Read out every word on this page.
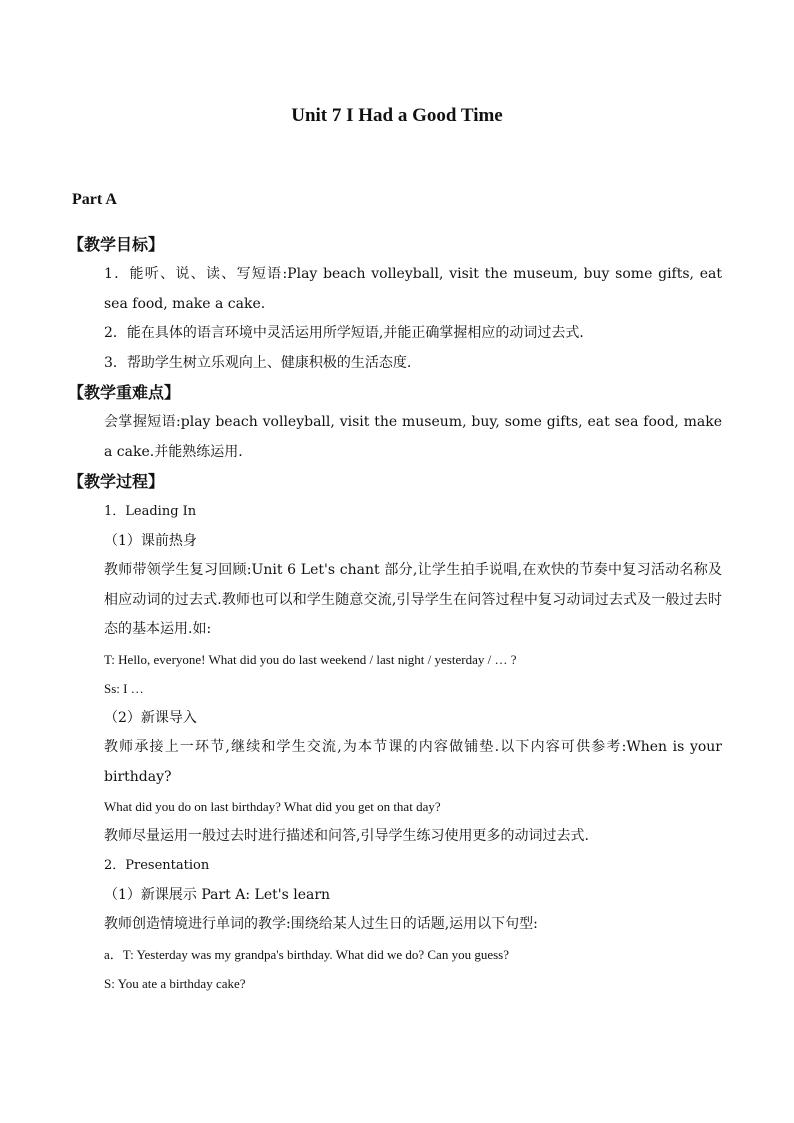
Unit 7 I Had a Good Time
Part A
【教学目标】
1．能听、说、读、写短语:Play beach volleyball, visit the museum, buy some gifts, eat sea food, make a cake.
2．能在具体的语言环境中灵活运用所学短语,并能正确掌握相应的动词过去式.
3．帮助学生树立乐观向上、健康积极的生活态度.
【教学重难点】
会掌握短语:play beach volleyball, visit the museum, buy, some gifts, eat sea food, make a cake.并能熟练运用.
【教学过程】
1．Leading In
（1）课前热身
教师带领学生复习回顾:Unit 6 Let's chant 部分,让学生拍手说唱,在欢快的节奏中复习活动名称及相应动词的过去式.教师也可以和学生随意交流,引导学生在问答过程中复习动词过去式及一般过去时态的基本运用.如:
T: Hello, everyone! What did you do last weekend / last night / yesterday / … ?
Ss: I …
（2）新课导入
教师承接上一环节,继续和学生交流,为本节课的内容做铺垫.以下内容可供参考:When is your birthday?
What did you do on last birthday? What did you get on that day?
教师尽量运用一般过去时进行描述和问答,引导学生练习使用更多的动词过去式.
2．Presentation
（1）新课展示 Part A: Let's learn
教师创造情境进行单词的教学:围绕给某人过生日的话题,运用以下句型:
a．T: Yesterday was my grandpa's birthday. What did we do? Can you guess?
S: You ate a birthday cake?
